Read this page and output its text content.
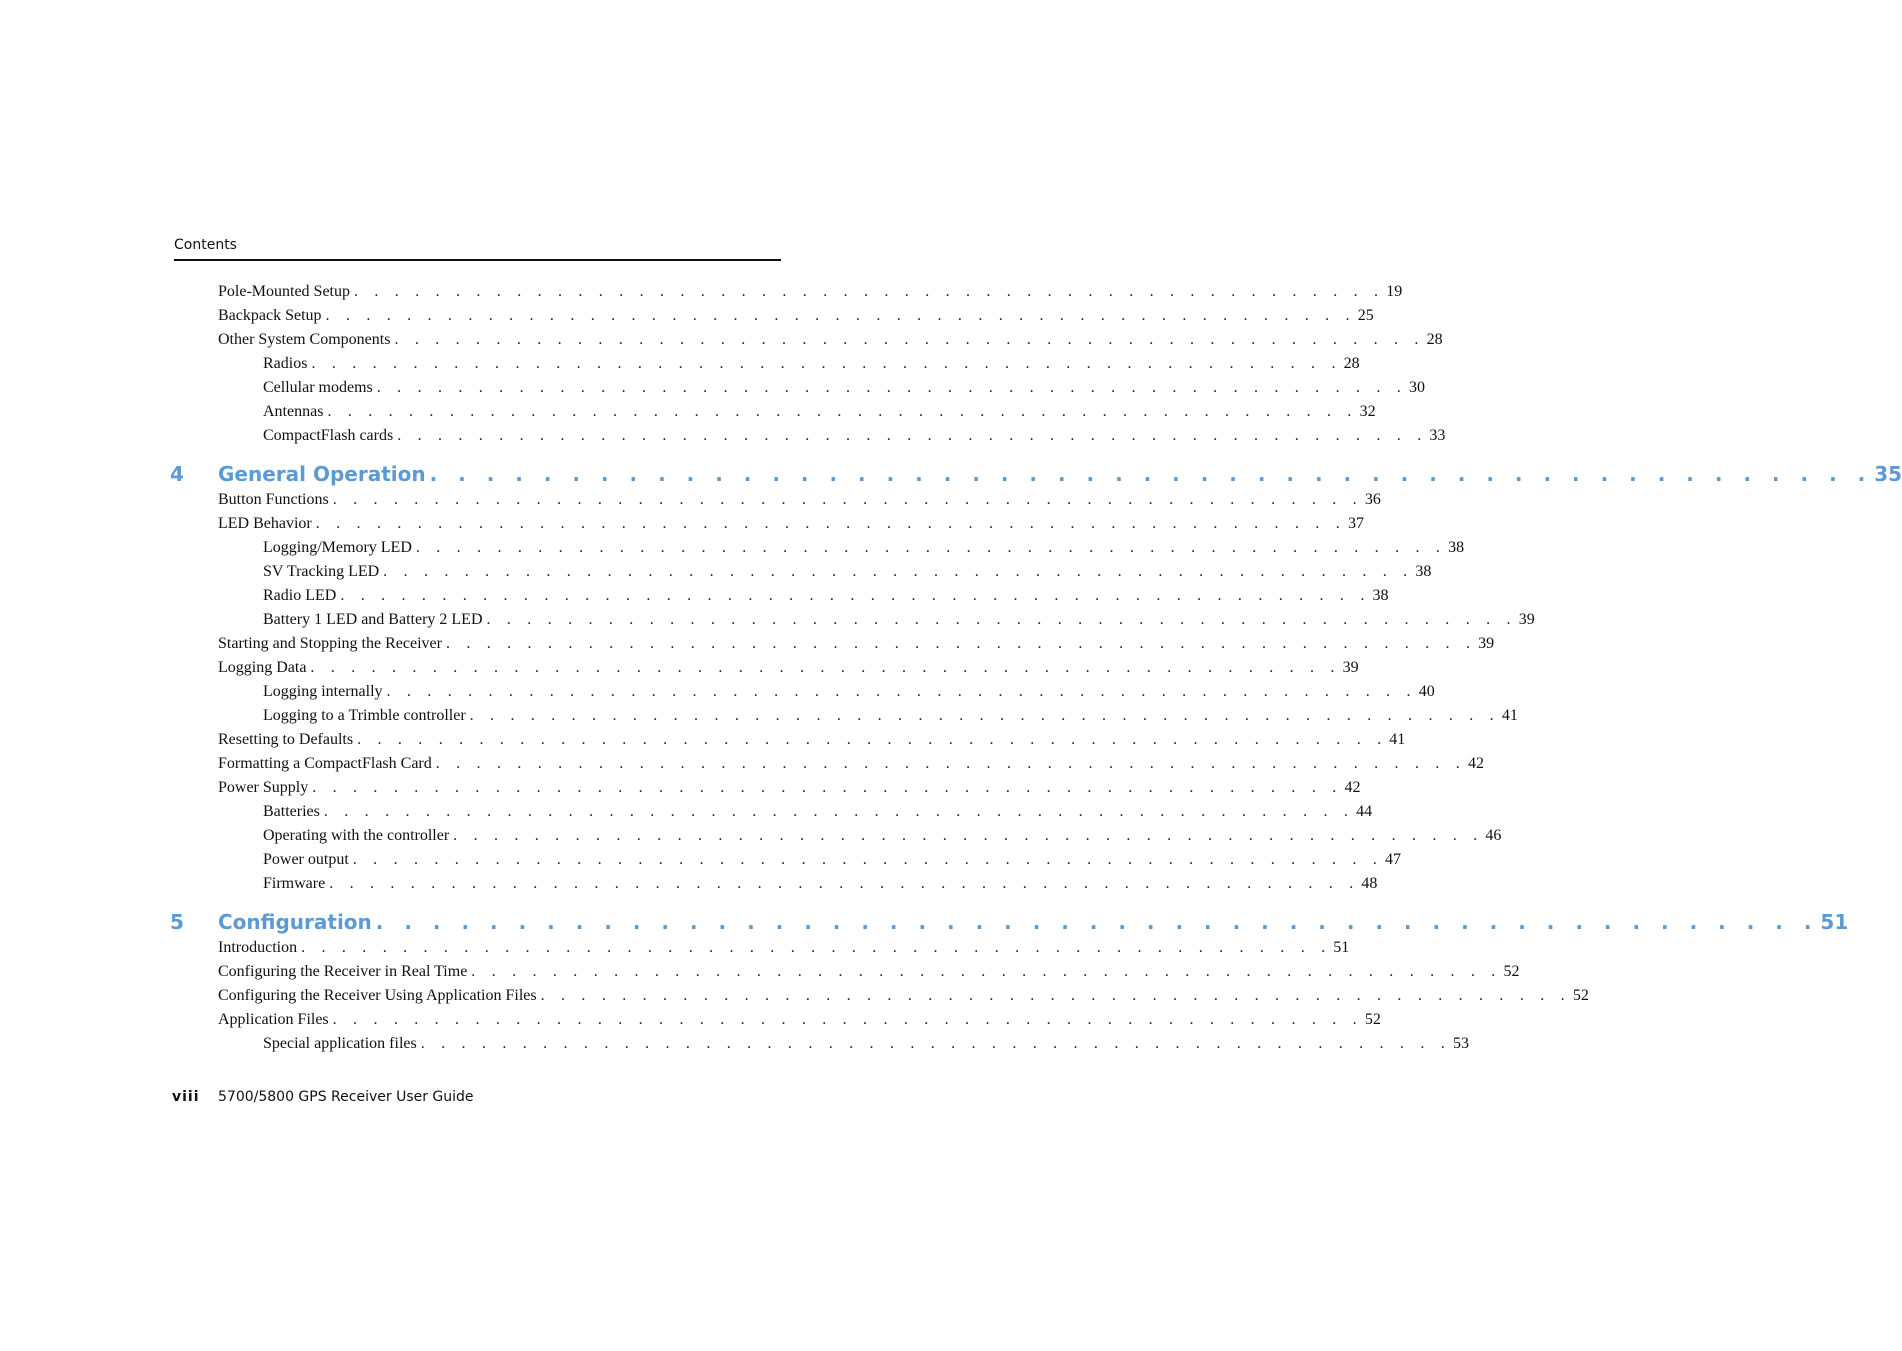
Contents
Pole-Mounted Setup . . . . . . . . . . . . . . . . . . . . . . . . . . . . . . . . . . . . . . . . . . . . . . . . . . . 19
Backpack Setup . . . . . . . . . . . . . . . . . . . . . . . . . . . . . . . . . . . . . . . . . . . . . . . . . . . 25
Other System Components . . . . . . . . . . . . . . . . . . . . . . . . . . . . . . . . . . . . . . . . . . . . . . . . . . . 28
Radios . . . . . . . . . . . . . . . . . . . . . . . . . . . . . . . . . . . . . . . . . . . . . . . . . . . 28
Cellular modems . . . . . . . . . . . . . . . . . . . . . . . . . . . . . . . . . . . . . . . . . . . . . . . . . . . 30
Antennas . . . . . . . . . . . . . . . . . . . . . . . . . . . . . . . . . . . . . . . . . . . . . . . . . . . 32
CompactFlash cards . . . . . . . . . . . . . . . . . . . . . . . . . . . . . . . . . . . . . . . . . . . . . . . . . . . 33
4	General Operation . . . . . . . . . . . . . . . . . . . . . . . . . . . . . . . . . . . . . . . . . . . . . . . . . . . 35
Button Functions . . . . . . . . . . . . . . . . . . . . . . . . . . . . . . . . . . . . . . . . . . . . . . . . . . . 36
LED Behavior . . . . . . . . . . . . . . . . . . . . . . . . . . . . . . . . . . . . . . . . . . . . . . . . . . . 37
Logging/Memory LED . . . . . . . . . . . . . . . . . . . . . . . . . . . . . . . . . . . . . . . . . . . . . . . . . . . 38
SV Tracking LED . . . . . . . . . . . . . . . . . . . . . . . . . . . . . . . . . . . . . . . . . . . . . . . . . . . 38
Radio LED . . . . . . . . . . . . . . . . . . . . . . . . . . . . . . . . . . . . . . . . . . . . . . . . . . . 38
Battery 1 LED and Battery 2 LED . . . . . . . . . . . . . . . . . . . . . . . . . . . . . . . . . . . . . . . . . . . . . . . . . . . 39
Starting and Stopping the Receiver . . . . . . . . . . . . . . . . . . . . . . . . . . . . . . . . . . . . . . . . . . . . . . . . . . . 39
Logging Data . . . . . . . . . . . . . . . . . . . . . . . . . . . . . . . . . . . . . . . . . . . . . . . . . . . 39
Logging internally . . . . . . . . . . . . . . . . . . . . . . . . . . . . . . . . . . . . . . . . . . . . . . . . . . . 40
Logging to a Trimble controller . . . . . . . . . . . . . . . . . . . . . . . . . . . . . . . . . . . . . . . . . . . . . . . . . . . 41
Resetting to Defaults . . . . . . . . . . . . . . . . . . . . . . . . . . . . . . . . . . . . . . . . . . . . . . . . . . . 41
Formatting a CompactFlash Card . . . . . . . . . . . . . . . . . . . . . . . . . . . . . . . . . . . . . . . . . . . . . . . . . . . 42
Power Supply . . . . . . . . . . . . . . . . . . . . . . . . . . . . . . . . . . . . . . . . . . . . . . . . . . . 42
Batteries . . . . . . . . . . . . . . . . . . . . . . . . . . . . . . . . . . . . . . . . . . . . . . . . . . . 44
Operating with the controller . . . . . . . . . . . . . . . . . . . . . . . . . . . . . . . . . . . . . . . . . . . . . . . . . . . 46
Power output . . . . . . . . . . . . . . . . . . . . . . . . . . . . . . . . . . . . . . . . . . . . . . . . . . . 47
Firmware . . . . . . . . . . . . . . . . . . . . . . . . . . . . . . . . . . . . . . . . . . . . . . . . . . . 48
5	Configuration . . . . . . . . . . . . . . . . . . . . . . . . . . . . . . . . . . . . . . . . . . . . . . . . . . . 51
Introduction . . . . . . . . . . . . . . . . . . . . . . . . . . . . . . . . . . . . . . . . . . . . . . . . . . . 51
Configuring the Receiver in Real Time . . . . . . . . . . . . . . . . . . . . . . . . . . . . . . . . . . . . . . . . . . . . . . . . . . . 52
Configuring the Receiver Using Application Files . . . . . . . . . . . . . . . . . . . . . . . . . . . . . . . . . . . . . . . . . . . . . . . . . . . 52
Application Files . . . . . . . . . . . . . . . . . . . . . . . . . . . . . . . . . . . . . . . . . . . . . . . . . . . 52
Special application files . . . . . . . . . . . . . . . . . . . . . . . . . . . . . . . . . . . . . . . . . . . . . . . . . . . 53
viii	5700/5800 GPS Receiver User Guide
